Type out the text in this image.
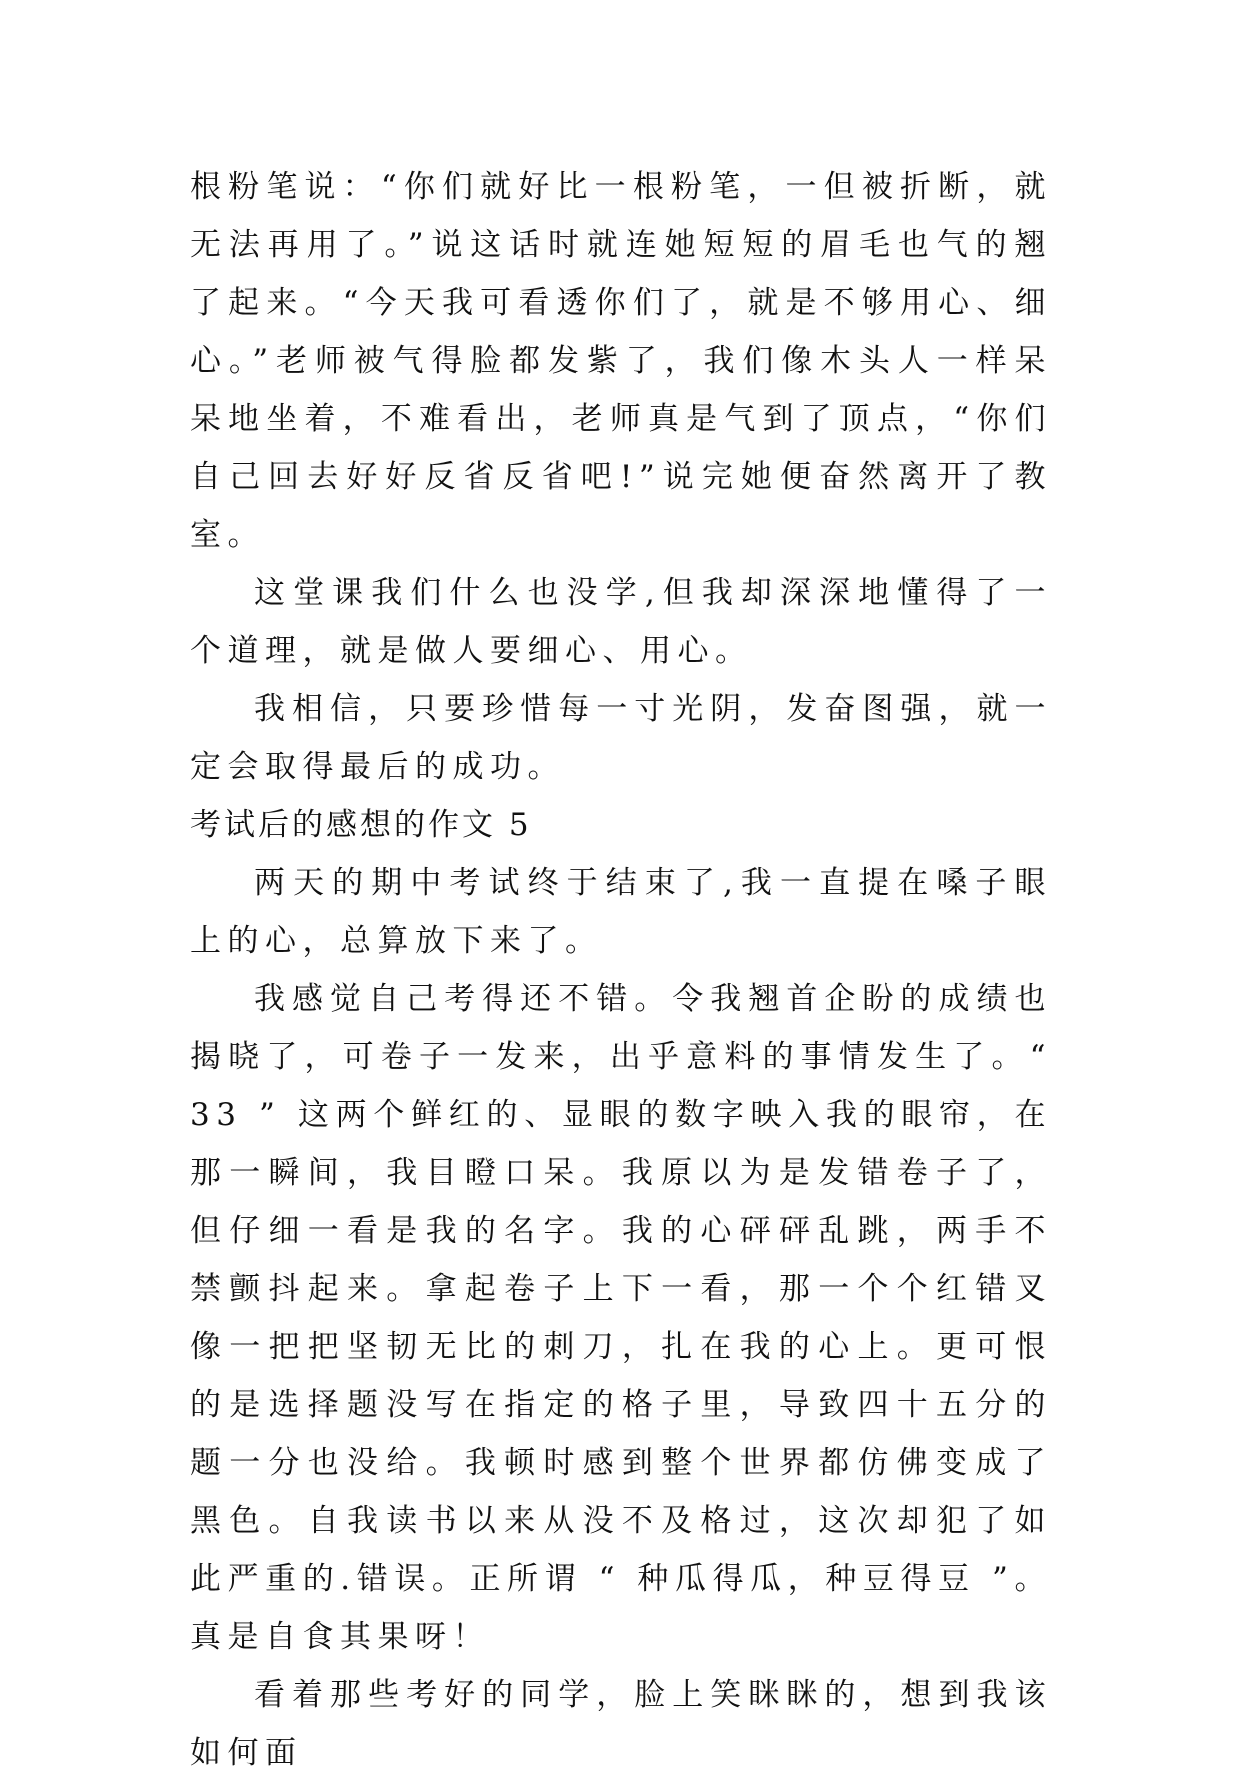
根粉笔说：“你们就好比一根粉笔，一但被折断，就无法再用了。”说这话时就连她短短的眉毛也气的翘了起来。“今天我可看透你们了，就是不够用心、细心。”老师被气得脸都发紫了，我们像木头人一样呆呆地坐着，不难看出，老师真是气到了顶点，“你们自己回去好好反省反省吧!”说完她便奋然离开了教室。

这堂课我们什么也没学,但我却深深地懂得了一个道理，就是做人要细心、用心。

我相信，只要珍惜每一寸光阴，发奋图强，就一定会取得最后的成功。

考试后的感想的作文 5

两天的期中考试终于结束了,我一直提在嗓子眼上的心，总算放下来了。

我感觉自己考得还不错。令我翘首企盼的成绩也揭晓了，可卷子一发来，出乎意料的事情发生了。“ 33 ” 这两个鲜红的、显眼的数字映入我的眼帘，在那一瞬间，我目瞪口呆。我原以为是发错卷子了，但仔细一看是我的名字。我的心砰砰乱跳，两手不禁颤抖起来。拿起卷子上下一看，那一个个红错叉像一把把坚韧无比的刺刀，扎在我的心上。更可恨的是选择题没写在指定的格子里，导致四十五分的题一分也没给。我顿时感到整个世界都仿佛变成了黑色。自我读书以来从没不及格过，这次却犯了如此严重的.错误。正所谓 “ 种瓜得瓜，种豆得豆 ”。真是自食其果呀！

看着那些考好的同学，脸上笑眯眯的，想到我该如何面
